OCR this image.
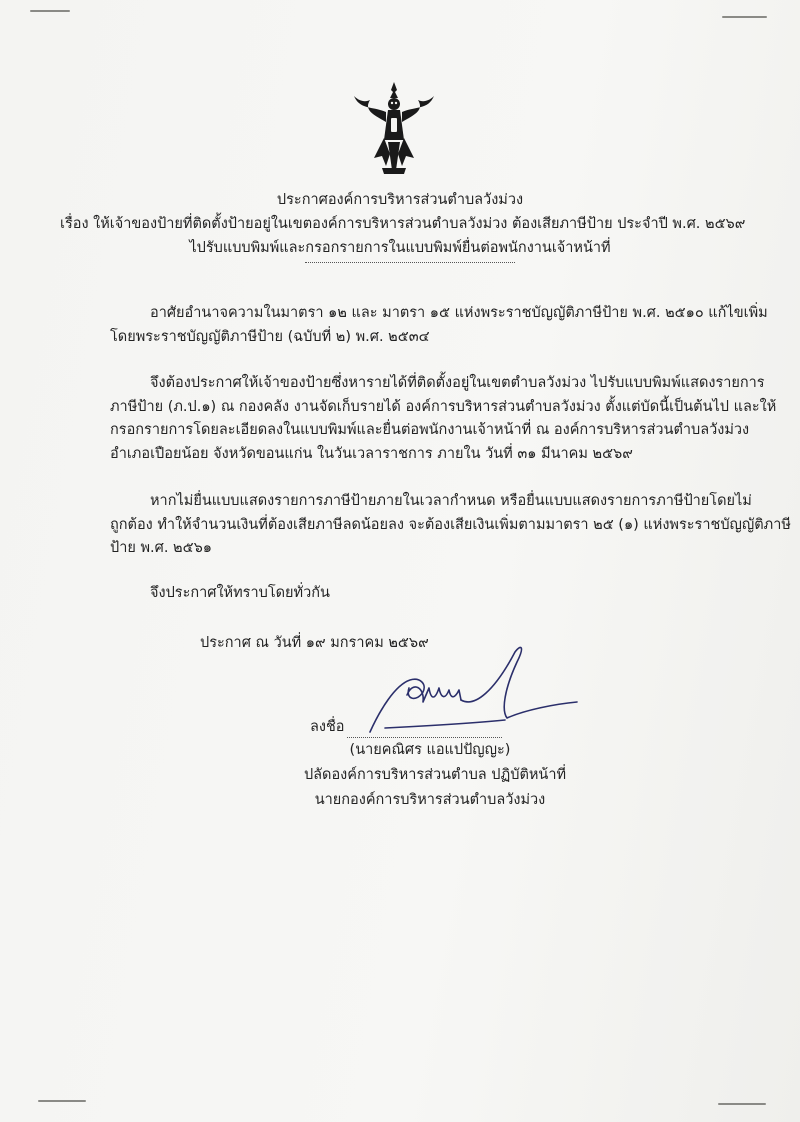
ประกาศองค์การบริหารส่วนตำบลวังม่วง
เรื่อง ให้เจ้าของป้ายที่ติดตั้งป้ายอยู่ในเขตองค์การบริหารส่วนตำบลวังม่วง ต้องเสียภาษีป้าย ประจำปี พ.ศ. ๒๕๖๙
ไปรับแบบพิมพ์และกรอกรายการในแบบพิมพ์ยื่นต่อพนักงานเจ้าหน้าที่
อาศัยอำนาจความในมาตรา ๑๒ และ มาตรา ๑๕ แห่งพระราชบัญญัติภาษีป้าย พ.ศ. ๒๕๑๐ แก้ไขเพิ่ม
โดยพระราชบัญญัติภาษีป้าย (ฉบับที่ ๒) พ.ศ. ๒๕๓๔
จึงต้องประกาศให้เจ้าของป้ายซึ่งหารายได้ที่ติดตั้งอยู่ในเขตตำบลวังม่วง ไปรับแบบพิมพ์แสดงรายการ
ภาษีป้าย (ภ.ป.๑) ณ กองคลัง งานจัดเก็บรายได้ องค์การบริหารส่วนตำบลวังม่วง ตั้งแต่บัดนี้เป็นต้นไป และให้
กรอกรายการโดยละเอียดลงในแบบพิมพ์และยื่นต่อพนักงานเจ้าหน้าที่ ณ องค์การบริหารส่วนตำบลวังม่วง
อำเภอเปือยน้อย จังหวัดขอนแก่น ในวันเวลาราชการ ภายใน วันที่ ๓๑ มีนาคม ๒๕๖๙
หากไม่ยื่นแบบแสดงรายการภาษีป้ายภายในเวลากำหนด หรือยื่นแบบแสดงรายการภาษีป้ายโดยไม่
ถูกต้อง ทำให้จำนวนเงินที่ต้องเสียภาษีลดน้อยลง จะต้องเสียเงินเพิ่มตามมาตรา ๒๕ (๑) แห่งพระราชบัญญัติภาษี
ป้าย พ.ศ. ๒๕๖๑
จึงประกาศให้ทราบโดยทั่วกัน
ประกาศ ณ วันที่ ๑๙ มกราคม ๒๕๖๙
ลงชื่อ
(นายคณิศร แอแปปัญญะ)
ปลัดองค์การบริหารส่วนตำบล ปฏิบัติหน้าที่
นายกองค์การบริหารส่วนตำบลวังม่วง
